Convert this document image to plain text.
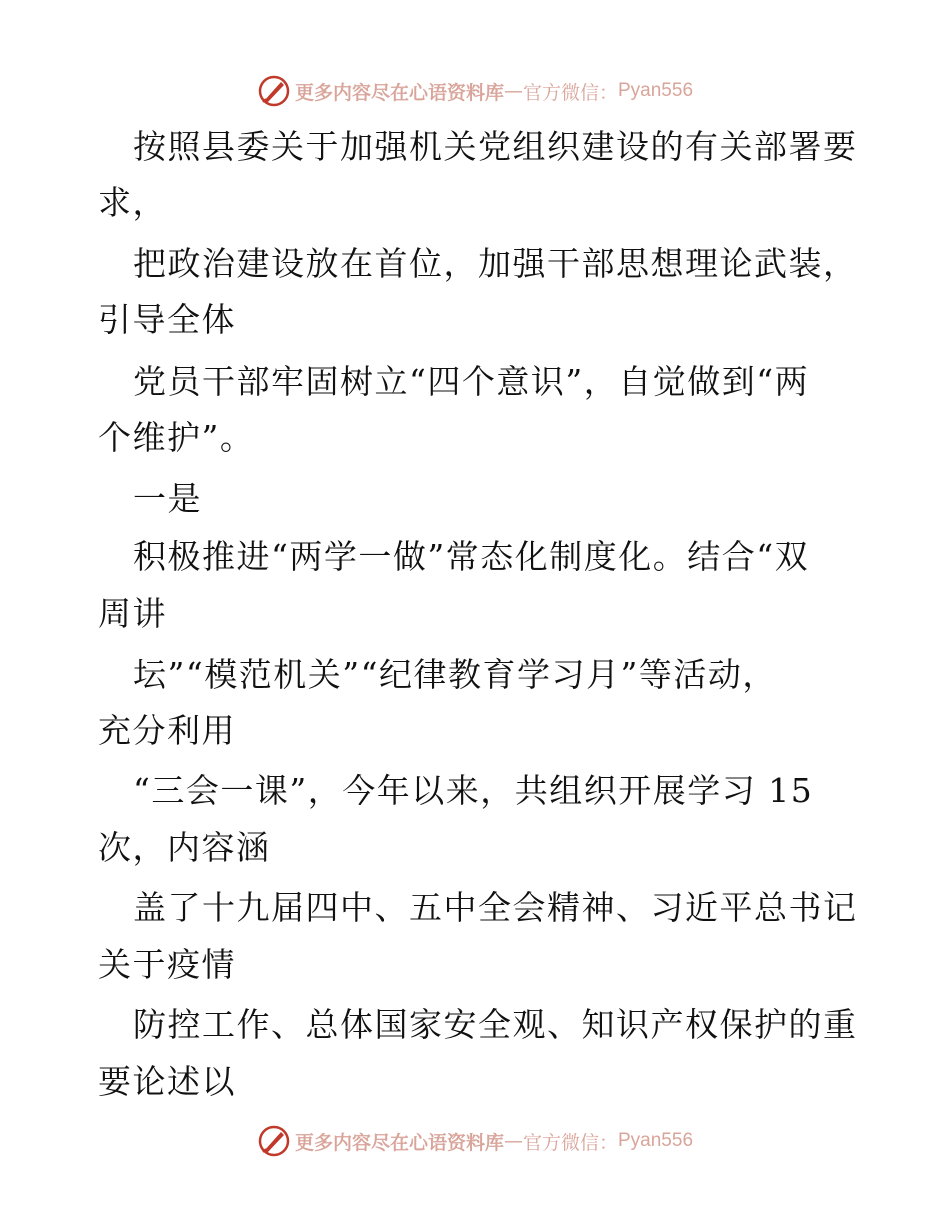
更多内容尽在心语资料库 — 官方微信： Pyan556
按照县委关于加强机关党组织建设的有关部署要
求，
把政治建设放在首位，加强干部思想理论武装，
引导全体
党员干部牢固树立“四个意识”，自觉做到“两
个维护”。
一是
积极推进“两学一做”常态化制度化。结合“双
周讲
坛”“模范机关”“纪律教育学习月”等活动，
充分利用
“三会一课”，今年以来，共组织开展学习 15
次，内容涵
盖了十九届四中、五中全会精神、习近平总书记
关于疫情
防控工作、总体国家安全观、知识产权保护的重
要论述以
更多内容尽在心语资料库 — 官方微信： Pyan556
